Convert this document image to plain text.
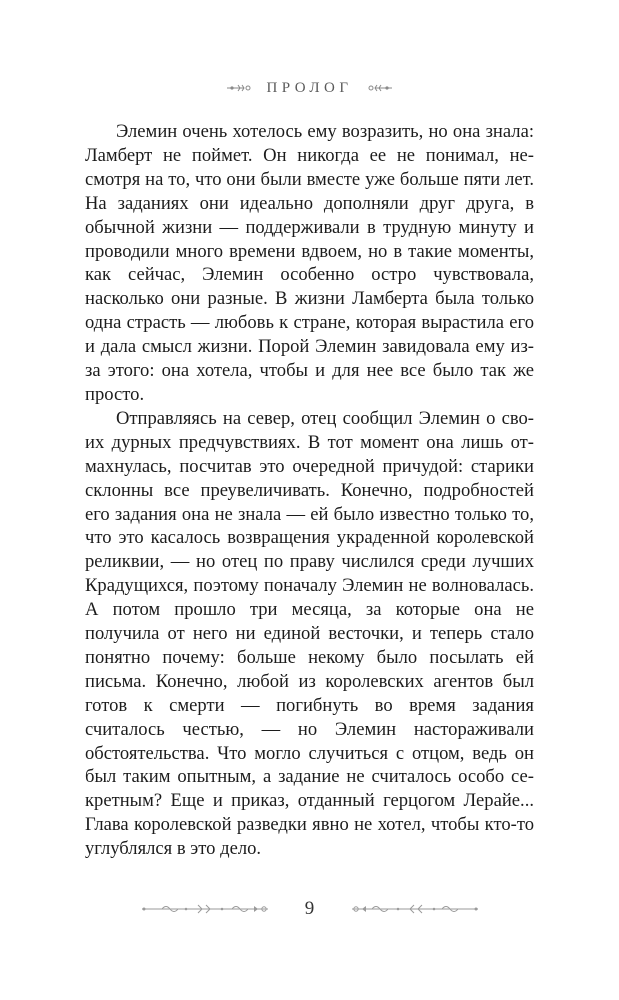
ПРОЛОГ

Элемин очень хотелось ему возразить, но она знала: Ламберт не поймет. Он никогда ее не понимал, несмотря на то, что они были вместе уже больше пяти лет. На заданиях они идеально дополняли друг друга, в обычной жизни — поддерживали в трудную минуту и проводили много времени вдвоем, но в такие моменты, как сейчас, Элемин особенно остро чувствовала, насколько они разные. В жизни Ламберта была только одна страсть — любовь к стране, которая вырастила его и дала смысл жизни. Порой Элемин завидовала ему из-за этого: она хотела, чтобы и для нее все было так же просто.

Отправляясь на север, отец сообщил Элемин о своих дурных предчувствиях. В тот момент она лишь отмахнулась, посчитав это очередной причудой: старики склонны все преувеличивать. Конечно, подробностей его задания она не знала — ей было известно только то, что это касалось возвращения украденной королевской реликвии, — но отец по праву числился среди лучших Крадущихся, поэтому поначалу Элемин не волновалась. А потом прошло три месяца, за которые она не получила от него ни единой весточки, и теперь стало понятно почему: больше некому было посылать ей письма. Конечно, любой из королевских агентов был готов к смерти — погибнуть во время задания считалось честью, — но Элемин настораживали обстоятельства. Что могло случиться с отцом, ведь он был таким опытным, а задание не считалось особо секретным? Еще и приказ, отданный герцогом Лерайе... Глава королевской разведки явно не хотел, чтобы кто-то углублялся в это дело.

9
